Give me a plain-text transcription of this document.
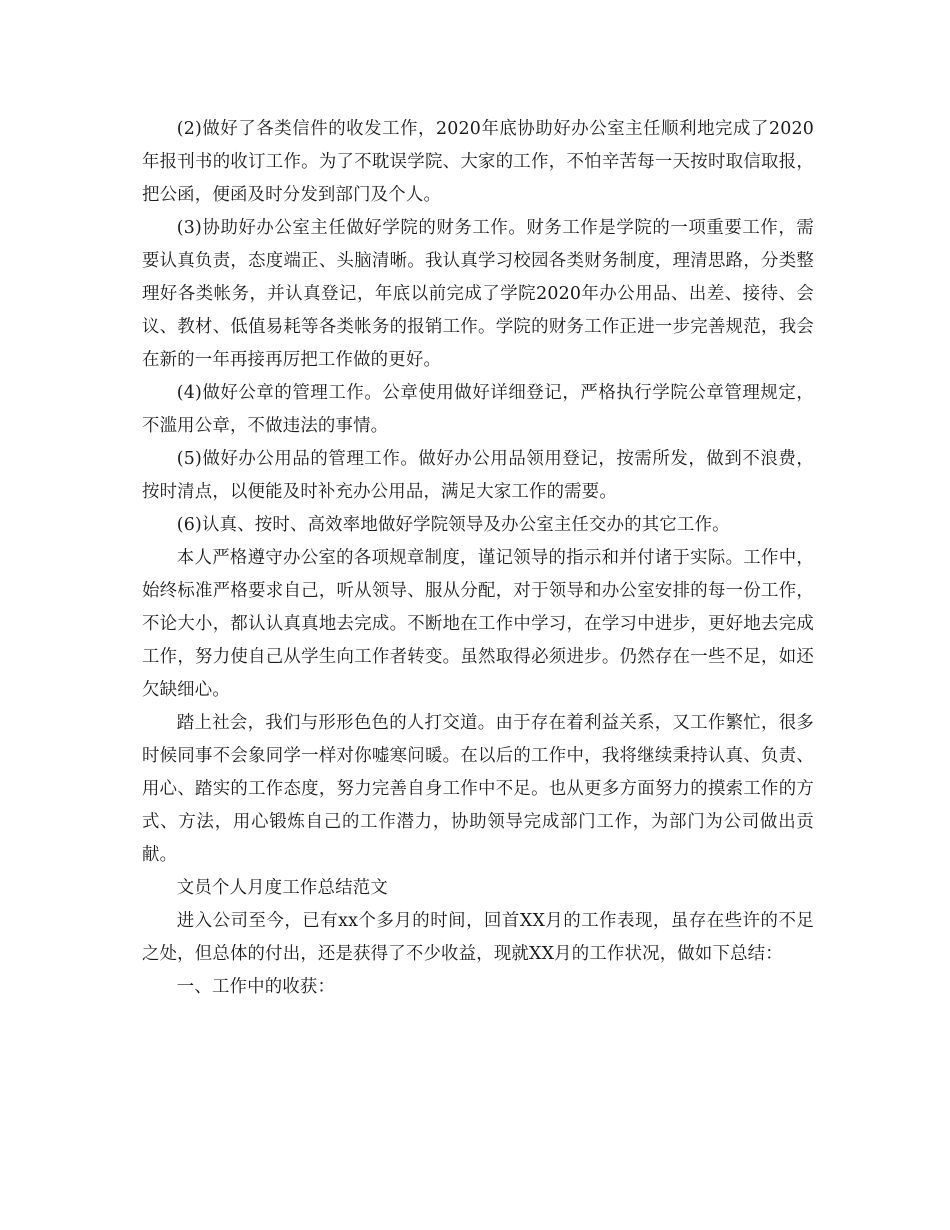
(2)做好了各类信件的收发工作，2020年底协助好办公室主任顺利地完成了2020年报刊书的收订工作。为了不耽误学院、大家的工作，不怕辛苦每一天按时取信取报，把公函，便函及时分发到部门及个人。

(3)协助好办公室主任做好学院的财务工作。财务工作是学院的一项重要工作，需要认真负责，态度端正、头脑清晰。我认真学习校园各类财务制度，理清思路，分类整理好各类帐务，并认真登记，年底以前完成了学院2020年办公用品、出差、接待、会议、教材、低值易耗等各类帐务的报销工作。学院的财务工作正进一步完善规范，我会在新的一年再接再厉把工作做的更好。

(4)做好公章的管理工作。公章使用做好详细登记，严格执行学院公章管理规定，不滥用公章，不做违法的事情。

(5)做好办公用品的管理工作。做好办公用品领用登记，按需所发，做到不浪费，按时清点，以便能及时补充办公用品，满足大家工作的需要。

(6)认真、按时、高效率地做好学院领导及办公室主任交办的其它工作。

本人严格遵守办公室的各项规章制度，谨记领导的指示和并付诸于实际。工作中，始终标准严格要求自己，听从领导、服从分配，对于领导和办公室安排的每一份工作，不论大小，都认认真真地去完成。不断地在工作中学习，在学习中进步，更好地去完成工作，努力使自己从学生向工作者转变。虽然取得必须进步。仍然存在一些不足，如还欠缺细心。

踏上社会，我们与形形色色的人打交道。由于存在着利益关系，又工作繁忙，很多时候同事不会象同学一样对你嘘寒问暖。在以后的工作中，我将继续秉持认真、负责、用心、踏实的工作态度，努力完善自身工作中不足。也从更多方面努力的摸索工作的方式、方法，用心锻炼自己的工作潜力，协助领导完成部门工作，为部门为公司做出贡献。

文员个人月度工作总结范文

进入公司至今，已有xx个多月的时间，回首XX月的工作表现，虽存在些许的不足之处，但总体的付出，还是获得了不少收益，现就XX月的工作状况，做如下总结：

一、工作中的收获：
